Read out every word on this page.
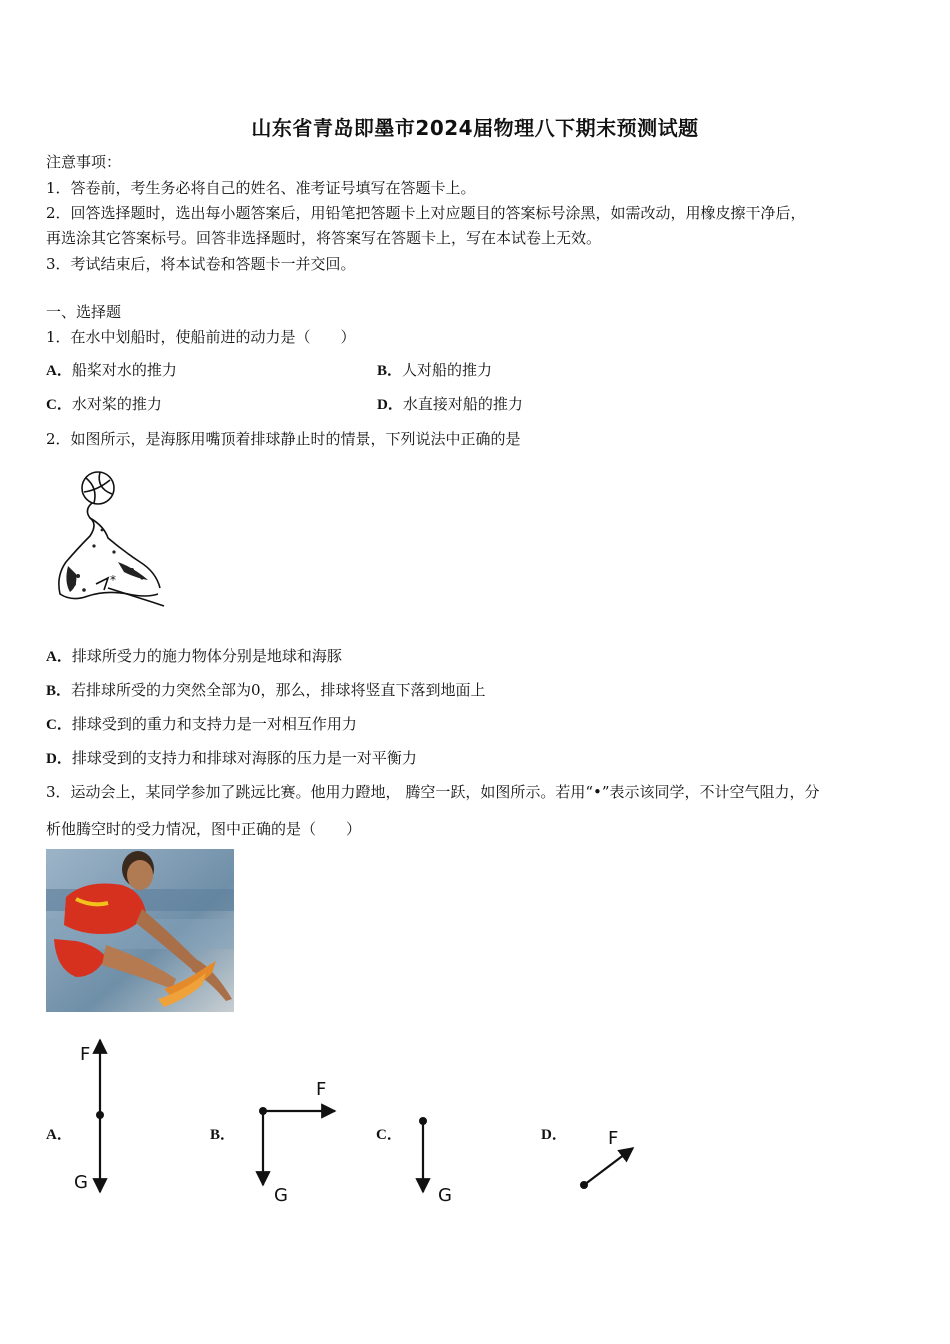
山东省青岛即墨市2024届物理八下期末预测试题
注意事项：
1．答卷前，考生务必将自己的姓名、准考证号填写在答题卡上。
2．回答选择题时，选出每小题答案后，用铅笔把答题卡上对应题目的答案标号涂黑，如需改动，用橡皮擦干净后，
再选涂其它答案标号。回答非选择题时，将答案写在答题卡上，写在本试卷上无效。
3．考试结束后，将本试卷和答题卡一并交回。
一、选择题
1．在水中划船时，使船前进的动力是（　　）
A．船桨对水的推力	B．人对船的推力
C．水对桨的推力	D．水直接对船的推力
2．如图所示，是海豚用嘴顶着排球静止时的情景，下列说法中正确的是
*
A．排球所受力的施力物体分别是地球和海豚
B．若排球所受的力突然全部为0，那么，排球将竖直下落到地面上
C．排球受到的重力和支持力是一对相互作用力
D．排球受到的支持力和排球对海豚的压力是一对平衡力
3．运动会上，某同学参加了跳远比赛。他用力蹬地， 腾空一跃，如图所示。若用“•”表示该同学，不计空气阻力，分
析他腾空时的受力情况，图中正确的是（　　）
A．	B．	C．	D．
F
G
F
G	G
F
